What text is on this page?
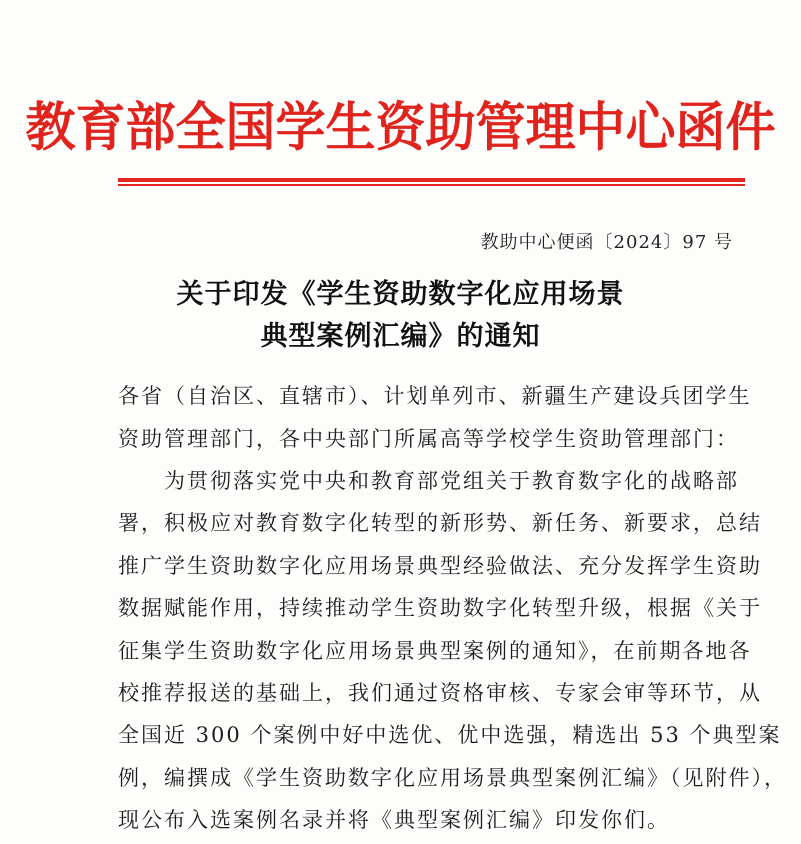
教育部全国学生资助管理中心函件
教助中心便函〔2024〕97 号
关于印发《学生资助数字化应用场景
典型案例汇编》的通知
各省（自治区、直辖市）、计划单列市、新疆生产建设兵团学生
资助管理部门，各中央部门所属高等学校学生资助管理部门：
　　为贯彻落实党中央和教育部党组关于教育数字化的战略部
署，积极应对教育数字化转型的新形势、新任务、新要求，总结
推广学生资助数字化应用场景典型经验做法、充分发挥学生资助
数据赋能作用，持续推动学生资助数字化转型升级，根据《关于
征集学生资助数字化应用场景典型案例的通知》，在前期各地各
校推荐报送的基础上，我们通过资格审核、专家会审等环节，从
全国近 300 个案例中好中选优、优中选强，精选出 53 个典型案
例，编撰成《学生资助数字化应用场景典型案例汇编》（见附件），
现公布入选案例名录并将《典型案例汇编》印发你们。
